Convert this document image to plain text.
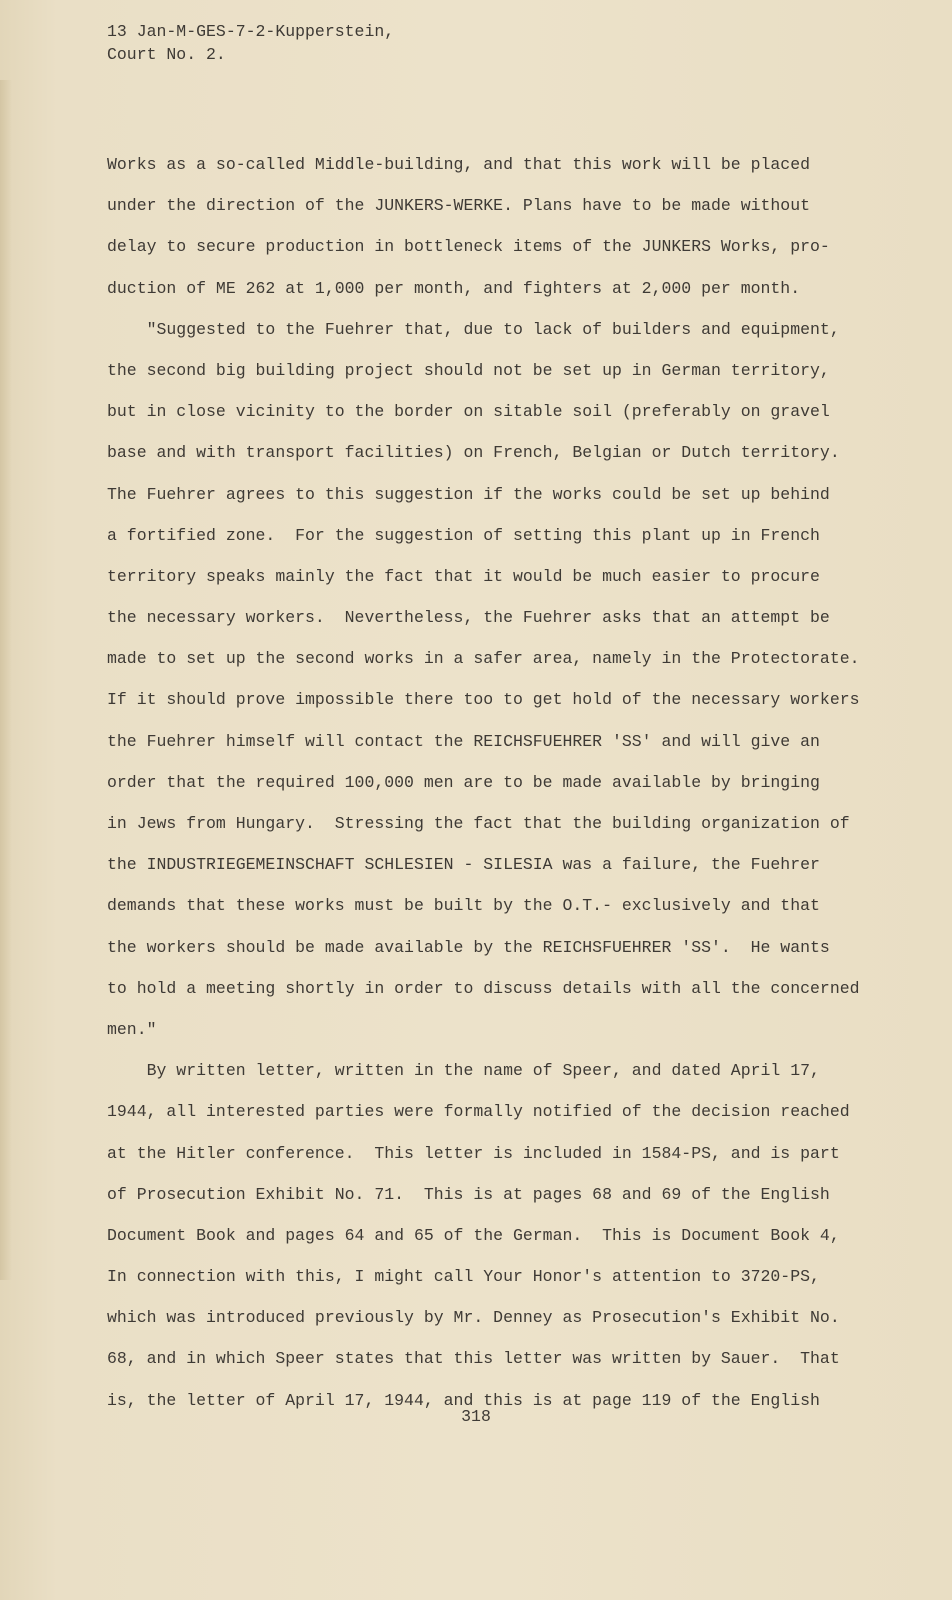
13 Jan-M-GES-7-2-Kupperstein,
Court No. 2.
Works as a so-called Middle-building, and that this work will be placed
under the direction of the JUNKERS-WERKE. Plans have to be made without
delay to secure production in bottleneck items of the JUNKERS Works, pro-
duction of ME 262 at 1,000 per month, and fighters at 2,000 per month.
"Suggested to the Fuehrer that, due to lack of builders and equipment,
the second big building project should not be set up in German territory,
but in close vicinity to the border on sitable soil (preferably on gravel
base and with transport facilities) on French, Belgian or Dutch territory.
The Fuehrer agrees to this suggestion if the works could be set up behind
a fortified zone.  For the suggestion of setting this plant up in French
territory speaks mainly the fact that it would be much easier to procure
the necessary workers.  Nevertheless, the Fuehrer asks that an attempt be
made to set up the second works in a safer area, namely in the Protectorate.
If it should prove impossible there too to get hold of the necessary workers
the Fuehrer himself will contact the REICHSFUEHRER 'SS' and will give an
order that the required 100,000 men are to be made available by bringing
in Jews from Hungary.  Stressing the fact that the building organization of
the INDUSTRIEGEMEINSCHAFT SCHLESIEN - SILESIA was a failure, the Fuehrer
demands that these works must be built by the O.T.- exclusively and that
the workers should be made available by the REICHSFUEHRER 'SS'.  He wants
to hold a meeting shortly in order to discuss details with all the concerned
men."
By written letter, written in the name of Speer, and dated April 17,
1944, all interested parties were formally notified of the decision reached
at the Hitler conference.  This letter is included in 1584-PS, and is part
of Prosecution Exhibit No. 71.  This is at pages 68 and 69 of the English
Document Book and pages 64 and 65 of the German.  This is Document Book 4,
In connection with this, I might call Your Honor's attention to 3720-PS,
which was introduced previously by Mr. Denney as Prosecution's Exhibit No.
68, and in which Speer states that this letter was written by Sauer.  That
is, the letter of April 17, 1944, and this is at page 119 of the English
318
